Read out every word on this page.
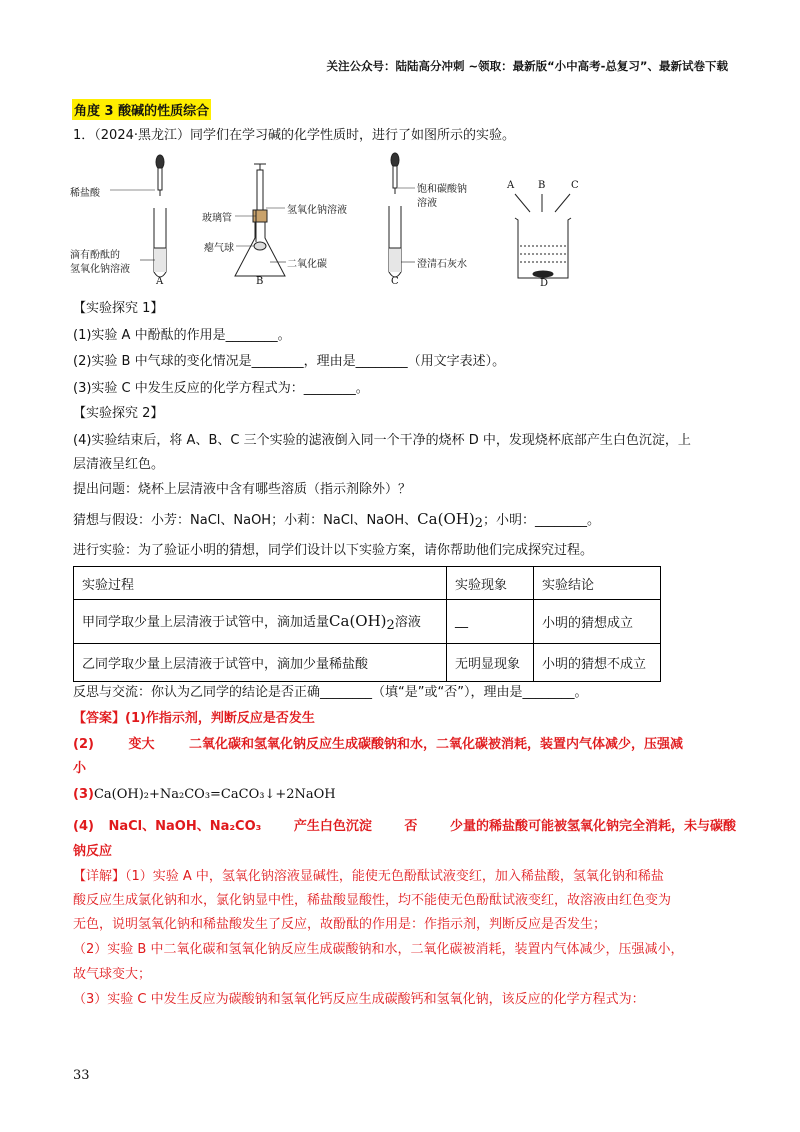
关注公众号：陆陆高分冲刺 ~领取：最新版“小中高考-总复习”、最新试卷下载
角度 3 酸碱的性质综合
1．（2024·黑龙江）同学们在学习碱的化学性质时，进行了如图所示的实验。
稀盐酸
滴有酚酞的
氢氧化钠溶液
A
玻璃管
氢氧化钠溶液
瘪气球
二氧化碳
B
饱和碳酸钠
溶液
澄清石灰水
C
A B	C
D
【实验探究 1】
(1)实验 A 中酚酞的作用是________。
(2)实验 B 中气球的变化情况是________，理由是________（用文字表述）。
(3)实验 C 中发生反应的化学方程式为：________。
【实验探究 2】
(4)实验结束后，将 A、B、C 三个实验的滤液倒入同一个干净的烧杯 D 中，发现烧杯底部产生白色沉淀，上
层清液呈红色。
提出问题：烧杯上层清液中含有哪些溶质（指示剂除外）？
猜想与假设：小芳：NaCl、NaOH；小莉：NaCl、NaOH、$Ca(OH)_2$；小明：________。
进行实验：为了验证小明的猜想，同学们设计以下实验方案，请你帮助他们完成探究过程。
实验过程	实验现象	实验结论
甲同学取少量上层清液于试管中，滴加适量$Ca(OH)_2$溶液	__	小明的猜想成立
乙同学取少量上层清液于试管中，滴加少量稀盐酸	无明显现象	小明的猜想不成立
反思与交流：你认为乙同学的结论是否正确________（填“是”或“否”），理由是________。
【答案】(1)作指示剂，判断反应是否发生
(2)	变大	二氧化碳和氢氧化钠反应生成碳酸钠和水，二氧化碳被消耗，装置内气体减少，压强减
小
(3)Ca(OH)₂+Na₂CO₃=CaCO₃↓+2NaOH
(4) NaCl、NaOH、Na₂CO₃	产生白色沉淀	否	少量的稀盐酸可能被氢氧化钠完全消耗，未与碳酸
钠反应
【详解】（1）实验 A 中，氢氧化钠溶液显碱性，能使无色酚酞试液变红，加入稀盐酸，氢氧化钠和稀盐
酸反应生成氯化钠和水，氯化钠显中性，稀盐酸显酸性，均不能使无色酚酞试液变红，故溶液由红色变为
无色，说明氢氧化钠和稀盐酸发生了反应，故酚酞的作用是：作指示剂，判断反应是否发生；
（2）实验 B 中二氧化碳和氢氧化钠反应生成碳酸钠和水，二氧化碳被消耗，装置内气体减少，压强减小，
故气球变大；
（3）实验 C 中发生反应为碳酸钠和氢氧化钙反应生成碳酸钙和氢氧化钠，该反应的化学方程式为：
33
